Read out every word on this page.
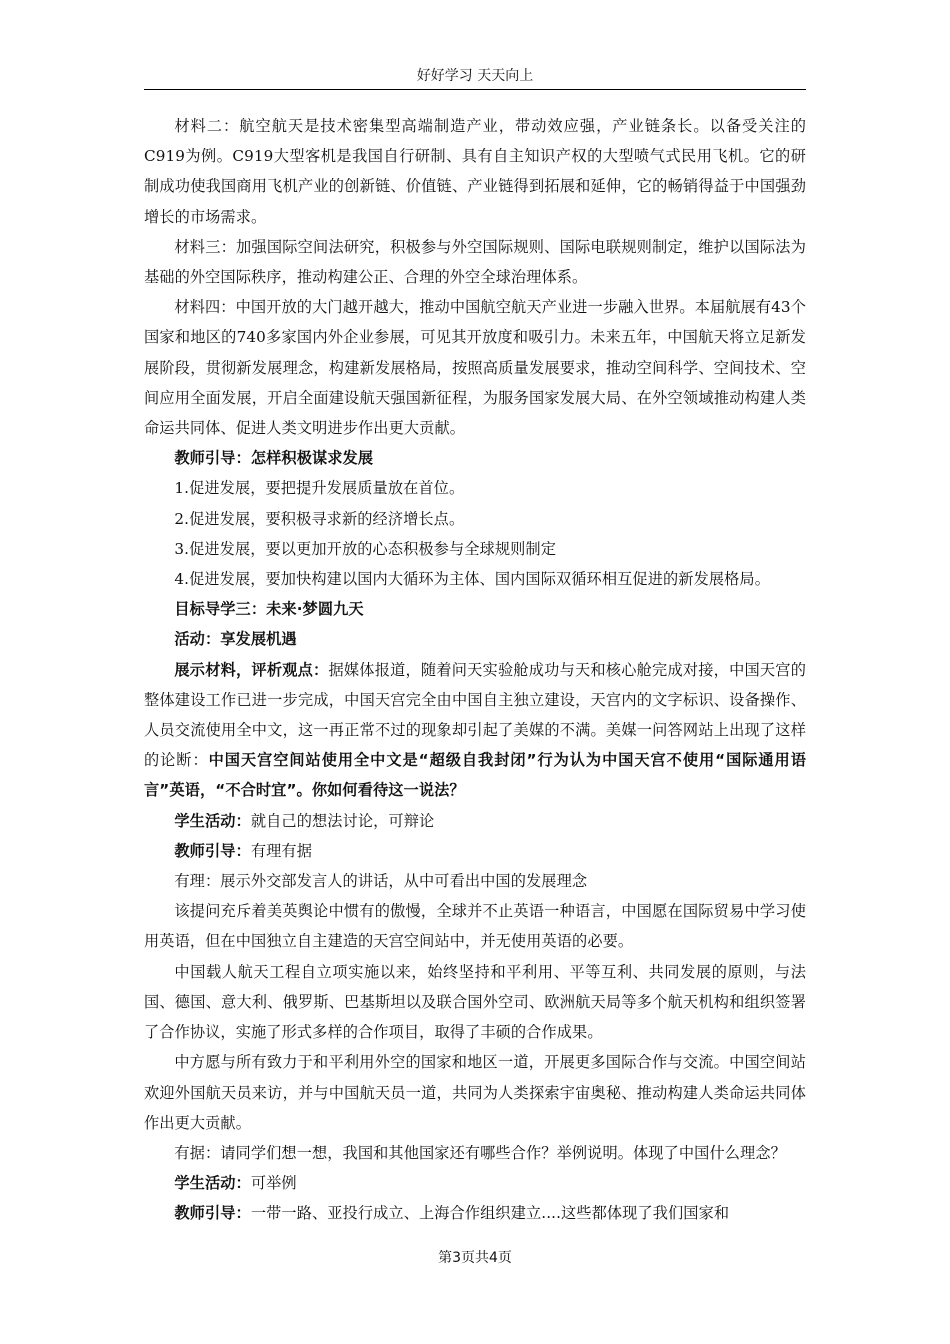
好好学习 天天向上

材料二：航空航天是技术密集型高端制造产业，带动效应强，产业链条长。以备受关注的C919为例。C919大型客机是我国自行研制、具有自主知识产权的大型喷气式民用飞机。它的研制成功使我国商用飞机产业的创新链、价值链、产业链得到拓展和延伸，它的畅销得益于中国强劲增长的市场需求。

材料三：加强国际空间法研究，积极参与外空国际规则、国际电联规则制定，维护以国际法为基础的外空国际秩序，推动构建公正、合理的外空全球治理体系。

材料四：中国开放的大门越开越大，推动中国航空航天产业进一步融入世界。本届航展有43个国家和地区的740多家国内外企业参展，可见其开放度和吸引力。未来五年，中国航天将立足新发展阶段，贯彻新发展理念，构建新发展格局，按照高质量发展要求，推动空间科学、空间技术、空间应用全面发展，开启全面建设航天强国新征程，为服务国家发展大局、在外空领域推动构建人类命运共同体、促进人类文明进步作出更大贡献。

教师引导：怎样积极谋求发展

1.促进发展，要把提升发展质量放在首位。

2.促进发展，要积极寻求新的经济增长点。

3.促进发展，要以更加开放的心态积极参与全球规则制定

4.促进发展，要加快构建以国内大循环为主体、国内国际双循环相互促进的新发展格局。

目标导学三：未来·梦圆九天

活动：享发展机遇

展示材料，评析观点：据媒体报道，随着问天实验舱成功与天和核心舱完成对接，中国天宫的整体建设工作已进一步完成，中国天宫完全由中国自主独立建设，天宫内的文字标识、设备操作、人员交流使用全中文，这一再正常不过的现象却引起了美媒的不满。美媒一问答网站上出现了这样的论断：中国天宫空间站使用全中文是“超级自我封闭”行为认为中国天宫不使用“国际通用语言”英语，“不合时宜”。你如何看待这一说法？

学生活动：就自己的想法讨论，可辩论

教师引导：有理有据

有理：展示外交部发言人的讲话，从中可看出中国的发展理念

该提问充斥着美英舆论中惯有的傲慢，全球并不止英语一种语言，中国愿在国际贸易中学习使用英语，但在中国独立自主建造的天宫空间站中，并无使用英语的必要。

中国载人航天工程自立项实施以来，始终坚持和平利用、平等互利、共同发展的原则，与法国、德国、意大利、俄罗斯、巴基斯坦以及联合国外空司、欧洲航天局等多个航天机构和组织签署了合作协议，实施了形式多样的合作项目，取得了丰硕的合作成果。

中方愿与所有致力于和平利用外空的国家和地区一道，开展更多国际合作与交流。中国空间站欢迎外国航天员来访，并与中国航天员一道，共同为人类探索宇宙奥秘、推动构建人类命运共同体作出更大贡献。

有据：请同学们想一想，我国和其他国家还有哪些合作？举例说明。体现了中国什么理念？

学生活动：可举例

教师引导：一带一路、亚投行成立、上海合作组织建立....这些都体现了我们国家和

第3页共4页
